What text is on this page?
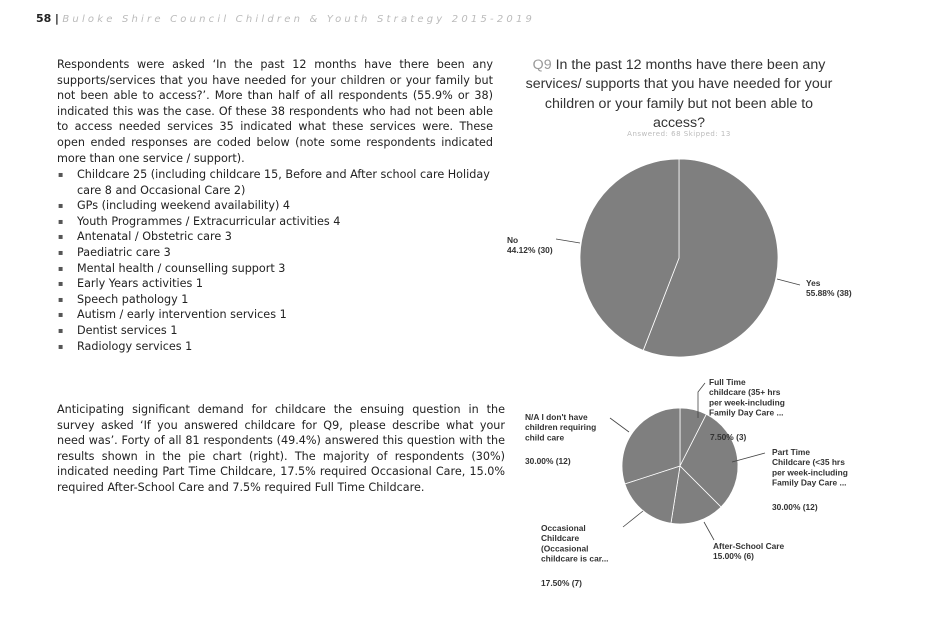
58 | Buloke Shire Council Children & Youth Strategy 2015-2019
Respondents were asked ‘In the past 12 months have there been any supports/services that you have needed for your children or your family but not been able to access?’. More than half of all respondents (55.9% or 38) indicated this was the case. Of these 38 respondents who had not been able to access needed services 35 indicated what these services were. These open ended responses are coded below (note some respondents indicated more than one service / support).
▪ Childcare 25 (including childcare 15, Before and After school care Holiday care 8 and Occasional Care 2)
▪ GPs (including weekend availability) 4
▪ Youth Programmes / Extracurricular activities 4
▪ Antenatal / Obstetric care 3
▪ Paediatric care 3
▪ Mental health / counselling support 3
▪ Early Years activities 1
▪ Speech pathology 1
▪ Autism / early intervention services 1
▪ Dentist services 1
▪ Radiology services 1
Anticipating significant demand for childcare the ensuing question in the survey asked ‘If you answered childcare for Q9, please describe what your need was’. Forty of all 81 respondents (49.4%) answered this question with the results shown in the pie chart (right). The majority of respondents (30%) indicated needing Part Time Childcare, 17.5% required Occasional Care, 15.0% required After-School Care and 7.5% required Full Time Childcare.
Q9 In the past 12 months have there been any services/ supports that you have needed for your children or your family but not been able to access?
Answered: 68 Skipped: 13
No
44.12% (30)
Yes
55.88% (38)
Full Time
childcare (35+ hrs
per week-including
Family Day Care ...
7.50% (3)
Part Time
Childcare (<35 hrs
per week-including
Family Day Care ...
30.00% (12)
After-School Care
15.00% (6)
Occasional
Childcare
(Occasional
childcare is car...
17.50% (7)
N/A I don't have
children requiring
child care
30.00% (12)
